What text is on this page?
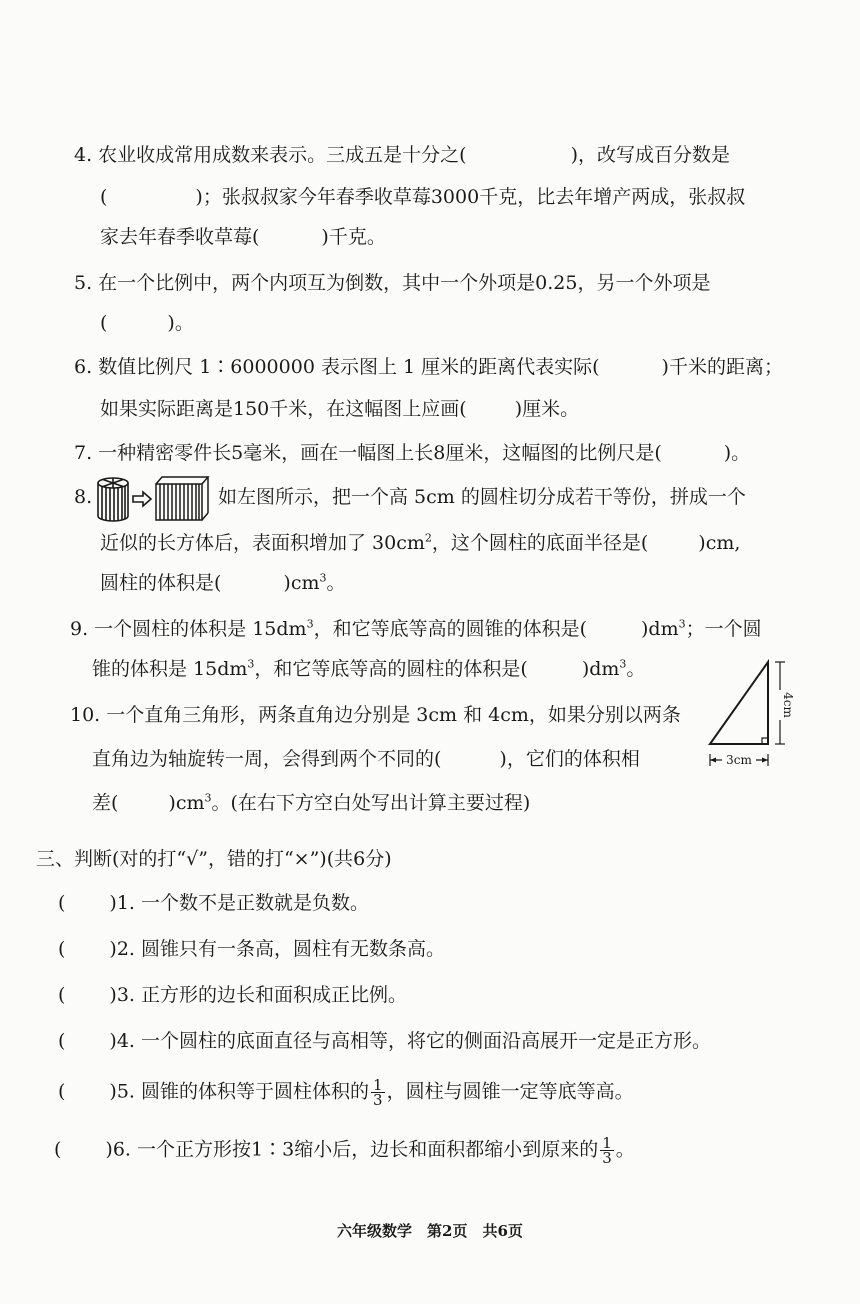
4. 农业收成常用成数来表示。三成五是十分之(	)，改写成百分数是
(	)；张叔叔家今年春季收草莓3000千克，比去年增产两成，张叔叔
家去年春季收草莓(	)千克。
5. 在一个比例中，两个内项互为倒数，其中一个外项是0.25，另一个外项是
(	)。
6. 数值比例尺 1∶6000000 表示图上 1 厘米的距离代表实际(	)千米的距离；
如果实际距离是150千米，在这幅图上应画(	)厘米。
7. 一种精密零件长5毫米，画在一幅图上长8厘米，这幅图的比例尺是(	)。
8.	如左图所示，把一个高 5cm 的圆柱切分成若干等份，拼成一个
近似的长方体后，表面积增加了 $30cm^2$，这个圆柱的底面半径是(	)cm,
圆柱的体积是(	)$cm^3$。
9. 一个圆柱的体积是 $15dm^3$，和它等底等高的圆锥的体积是(	)$dm^3$；一个圆
锥的体积是 $15dm^3$，和它等底等高的圆柱的体积是(	)$dm^3$。
10. 一个直角三角形，两条直角边分别是 3cm 和 4cm，如果分别以两条
直角边为轴旋转一周，会得到两个不同的(	)，它们的体积相
差(	)$cm^3$。(在右下方空白处写出计算主要过程)
4cm
3cm
三、判断(对的打“√”，错的打“×”)(共6分)
( )1. 一个数不是正数就是负数。
( )2. 圆锥只有一条高，圆柱有无数条高。
( )3. 正方形的边长和面积成正比例。
( )4. 一个圆柱的底面直径与高相等，将它的侧面沿高展开一定是正方形。
( )5. 圆锥的体积等于圆柱体积的 $\frac{1}{3}$ ，圆柱与圆锥一定等底等高。
( )6. 一个正方形按1∶3缩小后，边长和面积都缩小到原来的 $\frac{1}{3}$ 。
六年级数学　第2页　共6页
